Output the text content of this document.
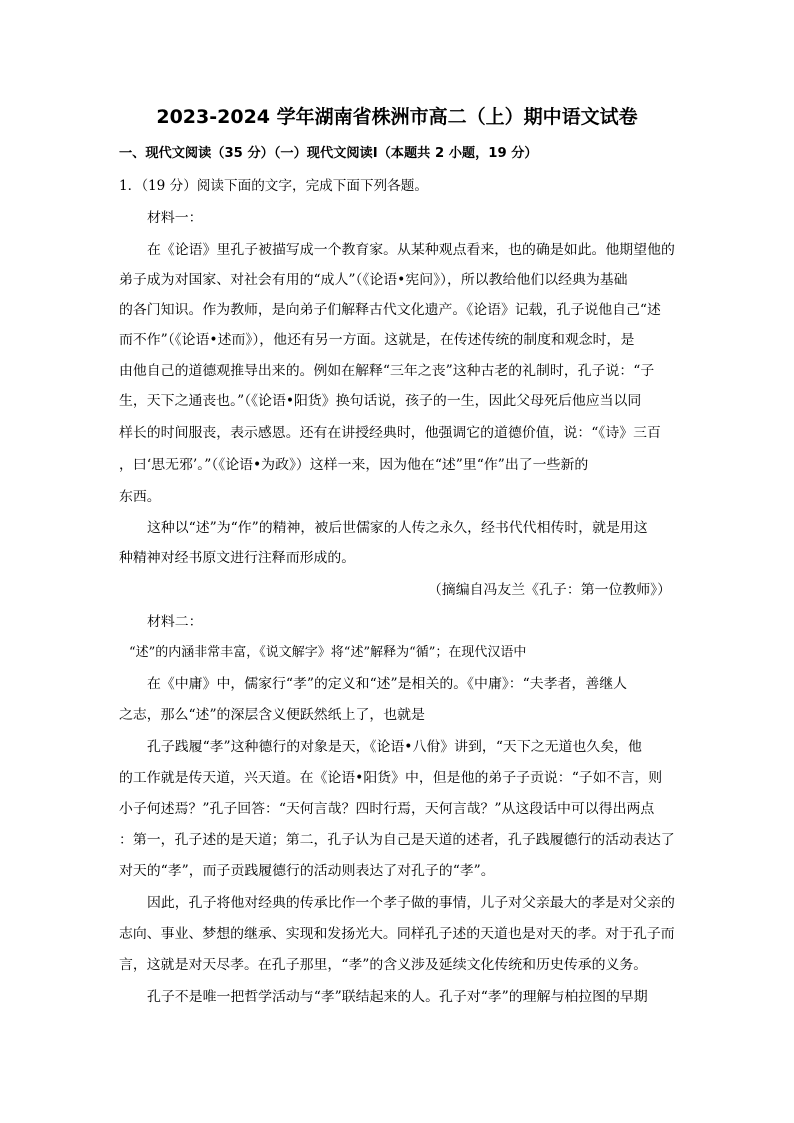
2023-2024 学年湖南省株洲市高二（上）期中语文试卷
一、现代文阅读（35 分）（一）现代文阅读Ⅰ（本题共 2 小题，19 分）
1．（19 分）阅读下面的文字，完成下面下列各题。
材料一：
在《论语》里孔子被描写成一个教育家。从某种观点看来，也的确是如此。他期望他的
弟子成为对国家、对社会有用的“成人”（《论语•宪问》），所以教给他们以经典为基础
的各门知识。作为教师，是向弟子们解释古代文化遗产。《论语》记载，孔子说他自己“述
而不作”（《论语•述而》），他还有另一方面。这就是，在传述传统的制度和观念时，是
由他自己的道德观推导出来的。例如在解释“三年之丧”这种古老的礼制时，孔子说：“子
生，天下之通丧也。”（《论语•阳货》换句话说，孩子的一生，因此父母死后他应当以同
样长的时间服丧，表示感恩。还有在讲授经典时，他强调它的道德价值，说：“《诗》三百
，曰‘思无邪’。”（《论语•为政》）这样一来，因为他在“述”里“作”出了一些新的
东西。
这种以“述”为“作”的精神，被后世儒家的人传之永久，经书代代相传时，就是用这
种精神对经书原文进行注释而形成的。
（摘编自冯友兰《孔子：第一位教师》）
材料二：
“述”的内涵非常丰富，《说文解字》将“述”解释为“循”；在现代汉语中
在《中庸》中，儒家行“孝”的定义和“述”是相关的。《中庸》：“夫孝者，善继人
之志，那么“述”的深层含义便跃然纸上了，也就是
孔子践履“孝”这种德行的对象是天，《论语•八佾》讲到，“天下之无道也久矣，他
的工作就是传天道，兴天道。在《论语•阳货》中，但是他的弟子子贡说：“子如不言，则
小子何述焉？”孔子回答：“天何言哉？四时行焉，天何言哉？”从这段话中可以得出两点
：第一，孔子述的是天道；第二，孔子认为自己是天道的述者，孔子践履德行的活动表达了
对天的“孝”，而子贡践履德行的活动则表达了对孔子的“孝”。
因此，孔子将他对经典的传承比作一个孝子做的事情，儿子对父亲最大的孝是对父亲的
志向、事业、梦想的继承、实现和发扬光大。同样孔子述的天道也是对天的孝。对于孔子而
言，这就是对天尽孝。在孔子那里，“孝”的含义涉及延续文化传统和历史传承的义务。
孔子不是唯一把哲学活动与“孝”联结起来的人。孔子对“孝”的理解与柏拉图的早期
